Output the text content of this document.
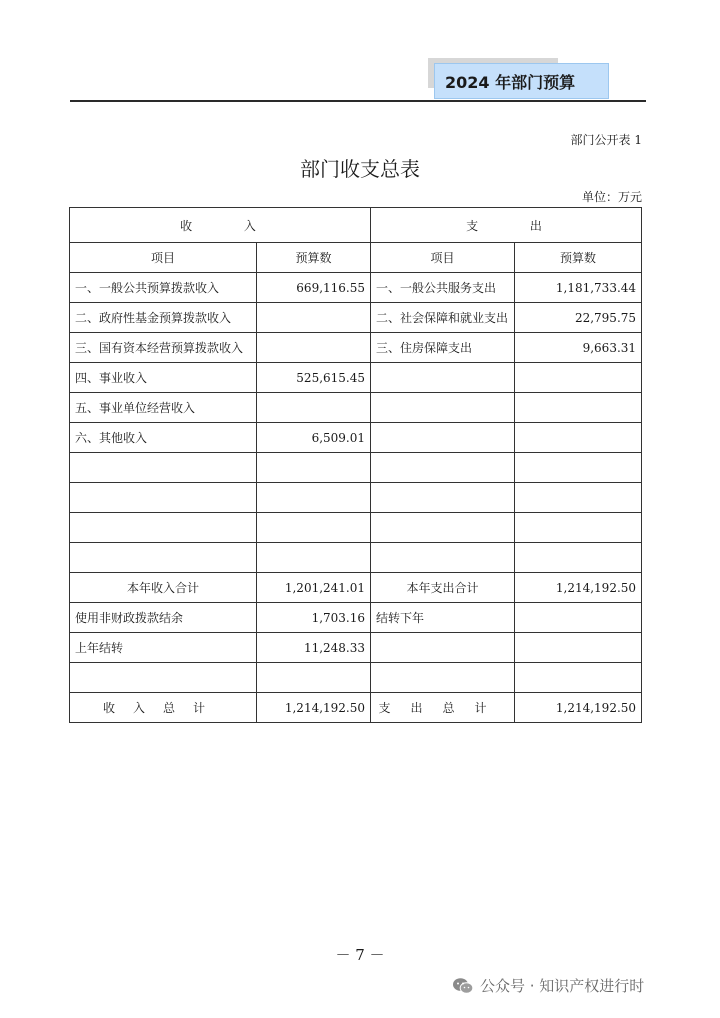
2024 年部门预算
部门公开表 1
部门收支总表
单位：万元
收 入		支 出	
项目	预算数	项目	预算数
一、一般公共预算拨款收入	669,116.55	一、一般公共服务支出	1,181,733.44
二、政府性基金预算拨款收入		二、社会保障和就业支出	22,795.75
三、国有资本经营预算拨款收入		三、住房保障支出	9,663.31
四、事业收入	525,615.45		
五、事业单位经营收入			
六、其他收入	6,509.01		

本年收入合计	1,201,241.01	本年支出合计	1,214,192.50
使用非财政拨款结余	1,703.16	结转下年	
上年结转	11,248.33		

收入总计	1,214,192.50	支出总计	1,214,192.50
－ 7 －
公众号 · 知识产权进行时
